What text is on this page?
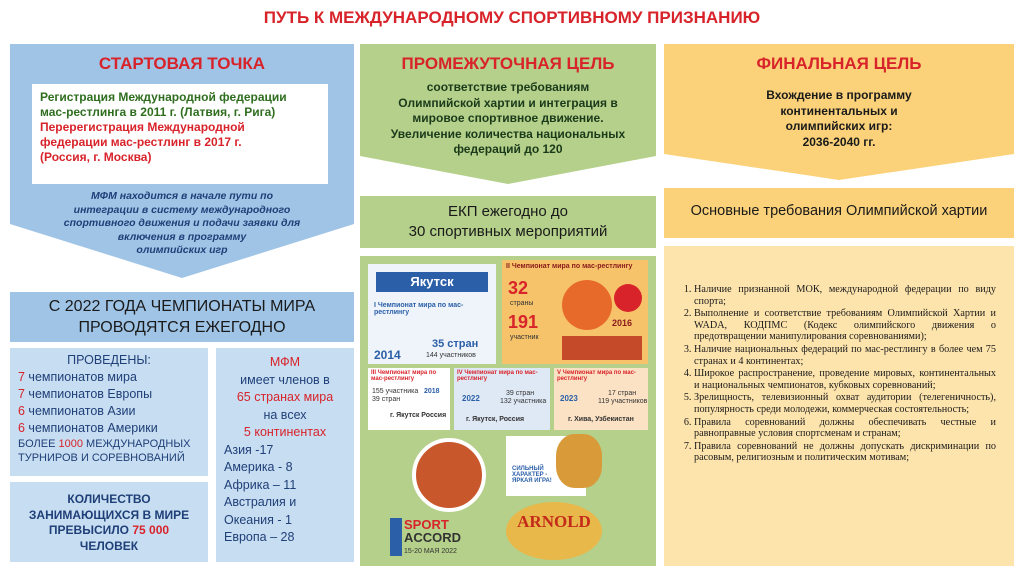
ПУТЬ К МЕЖДУНАРОДНОМУ СПОРТИВНОМУ ПРИЗНАНИЮ
СТАРТОВАЯ ТОЧКА
Регистрация Международной федерации
мас-рестлинга в 2011 г. (Латвия, г. Рига)
Перерегистрация Международной
федерации мас-рестлинг в 2017 г.
(Россия, г. Москва)
МФМ находится в начале пути по
интеграции в систему международного
спортивного движения и подачи заявки для
включения в программу
олимпийских игр
С 2022 ГОДА ЧЕМПИОНАТЫ МИРА
ПРОВОДЯТСЯ ЕЖЕГОДНО
ПРОВЕДЕНЫ:
7 чемпионатов мира
7 чемпионатов Европы
6 чемпионатов Азии
6 чемпионатов Америки
БОЛЕЕ 1000 МЕЖДУНАРОДНЫХ
ТУРНИРОВ И СОРЕВНОВАНИЙ
КОЛИЧЕСТВО
ЗАНИМАЮЩИХСЯ В МИРЕ
ПРЕВЫСИЛО 75 000
ЧЕЛОВЕК
МФМ
имеет членов в
65 странах мира
на всех
5 континентах
Азия -17
Америка - 8
Африка – 11
Австралия и
Океания - 1
Европа – 28
ПРОМЕЖУТОЧНАЯ ЦЕЛЬ
соответствие требованиям
Олимпийской хартии и интеграция в
мировое спортивное движение.
Увеличение количества национальных
федераций до 120
ЕКП ежегодно до
30 спортивных мероприятий
Якутск
I Чемпионат мира по мас-рестлингу
2014
35 стран
144 участников
II Чемпионат мира по мас-рестлингу
32
страны
191
участник
2016
III Чемпионат мира по мас-рестлингу
155 участника
39 стран
2018
г. Якутск Россия
IV Чемпионат мира по мас-рестлингу
39 стран
132 участника
2022
г. Якутск, Россия
V Чемпионат мира по мас-рестлингу
17 стран
119 участников
2023
г. Хива, Узбекистан
СИЛЬНЫЙ ХАРАКТЕР - ЯРКАЯ ИГРА!
SPORT
ACCORD
15-20 МАЯ 2022
ARNOLD
ФИНАЛЬНАЯ ЦЕЛЬ
Вхождение в программу
континентальных и
олимпийских игр:
2036-2040 гг.
Основные требования Олимпийской хартии
1. Наличие признанной МОК, международной федерации по виду спорта;
2. Выполнение и соответствие требованиям Олимпийской Хартии и WADA, КОДПМС (Кодекс олимпийского движения о предотвращении манипулирования соревнованиями);
3. Наличие национальных федераций по мас-рестлингу в более чем 75 странах и 4 континентах;
4. Широкое распространение, проведение мировых, континентальных и национальных чемпионатов, кубковых соревнований;
5. Зрелищность, телевизионный охват аудитории (телегеничность), популярность среди молодежи, коммерческая состоятельность;
6. Правила соревнований должны обеспечивать честные и равноправные условия спортсменам и странам;
7. Правила соревнований не должны допускать дискриминации по расовым, религиозным и политическим мотивам;
